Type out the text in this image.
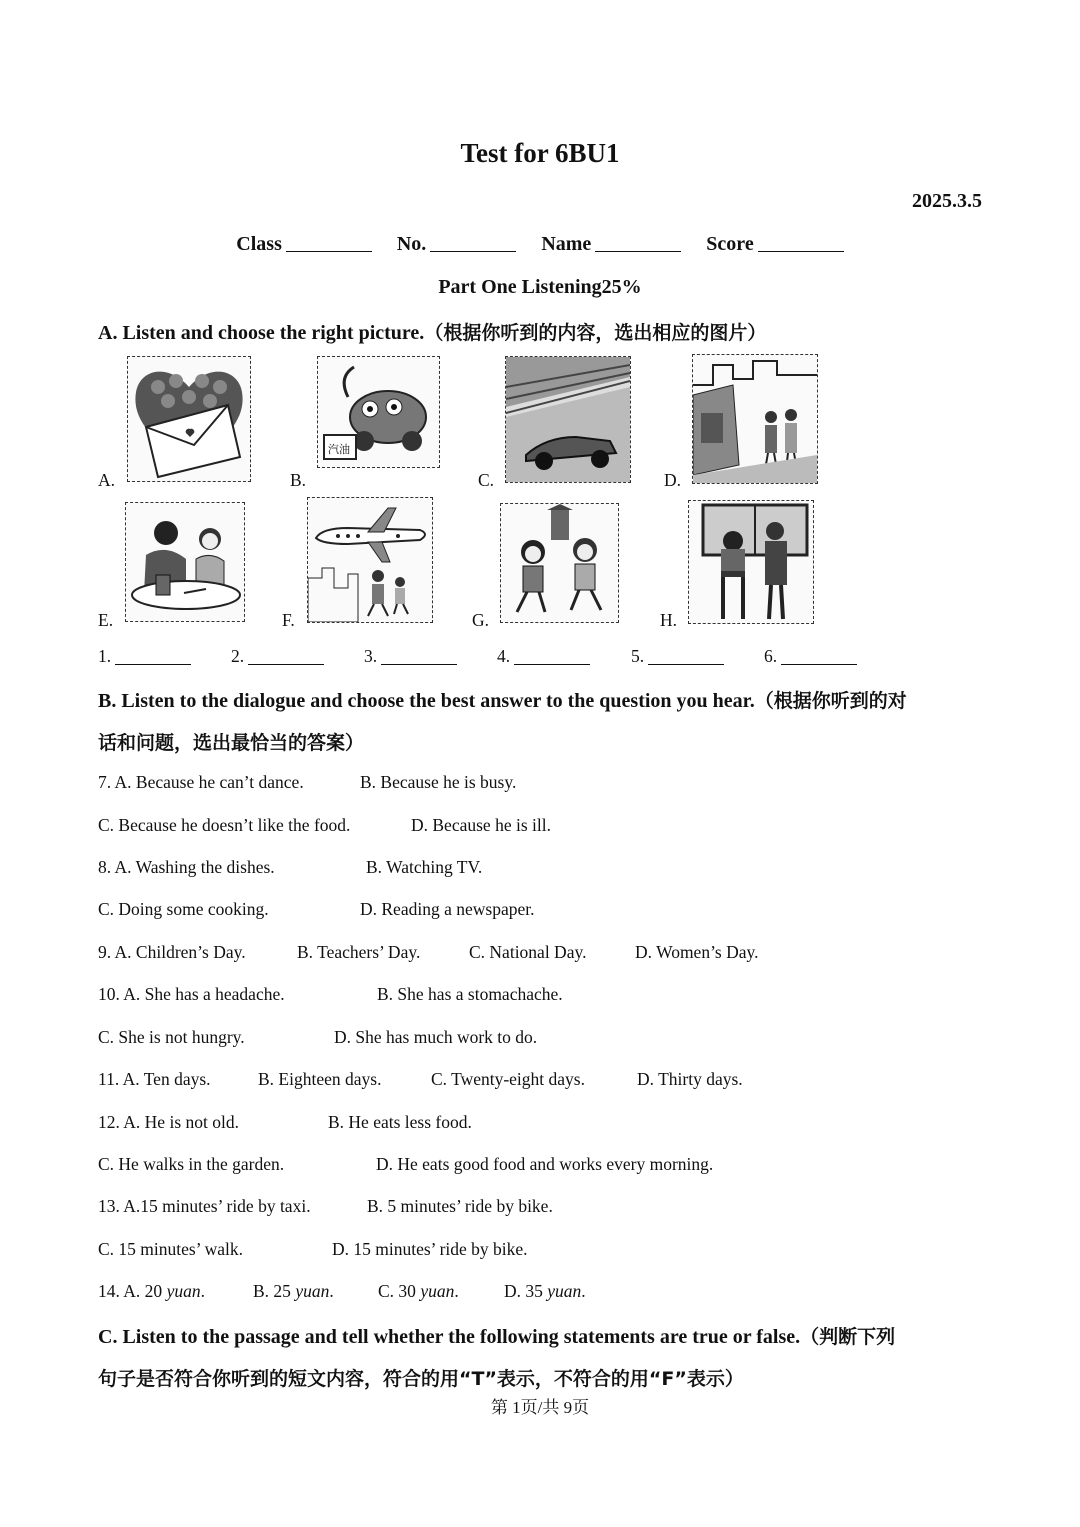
Test for 6BU1
2025.3.5
Class	No.	Name	Score
Part One Listening25%
A. Listen and choose the right picture.（根据你听到的内容，选出相应的图片）
A.	B.
汽油
C.	D.
E.	F.	G.	H.
1.	2.	3.	4.	5.	6.
B. Listen to the dialogue and choose the best answer to the question you hear.（根据你听到的对
话和问题，选出最恰当的答案）
7. A. Because he can’t dance.	B. Because he is busy.
C. Because he doesn’t like the food.	D. Because he is ill.
8. A. Washing the dishes.	B. Watching TV.
C. Doing some cooking.	D. Reading a newspaper.
9. A. Children’s Day.	B. Teachers’ Day.	C. National Day.	D. Women’s Day.
10. A. She has a headache.	B. She has a stomachache.
C. She is not hungry.	D. She has much work to do.
11. A. Ten days.	B. Eighteen days.	C. Twenty-eight days.	D. Thirty days.
12. A. He is not old.	B. He eats less food.
C. He walks in the garden.	D. He eats good food and works every morning.
13. A.15 minutes’ ride by taxi.	B. 5 minutes’ ride by bike.
C. 15 minutes’ walk.	D. 15 minutes’ ride by bike.
14. A. 20 yuan.	B. 25 yuan.	C. 30 yuan.	D. 35 yuan.
C. Listen to the passage and tell whether the following statements are true or false.（判断下列
句子是否符合你听到的短文内容，符合的用“T”表示，不符合的用“F”表示）
第 1页/共 9页
